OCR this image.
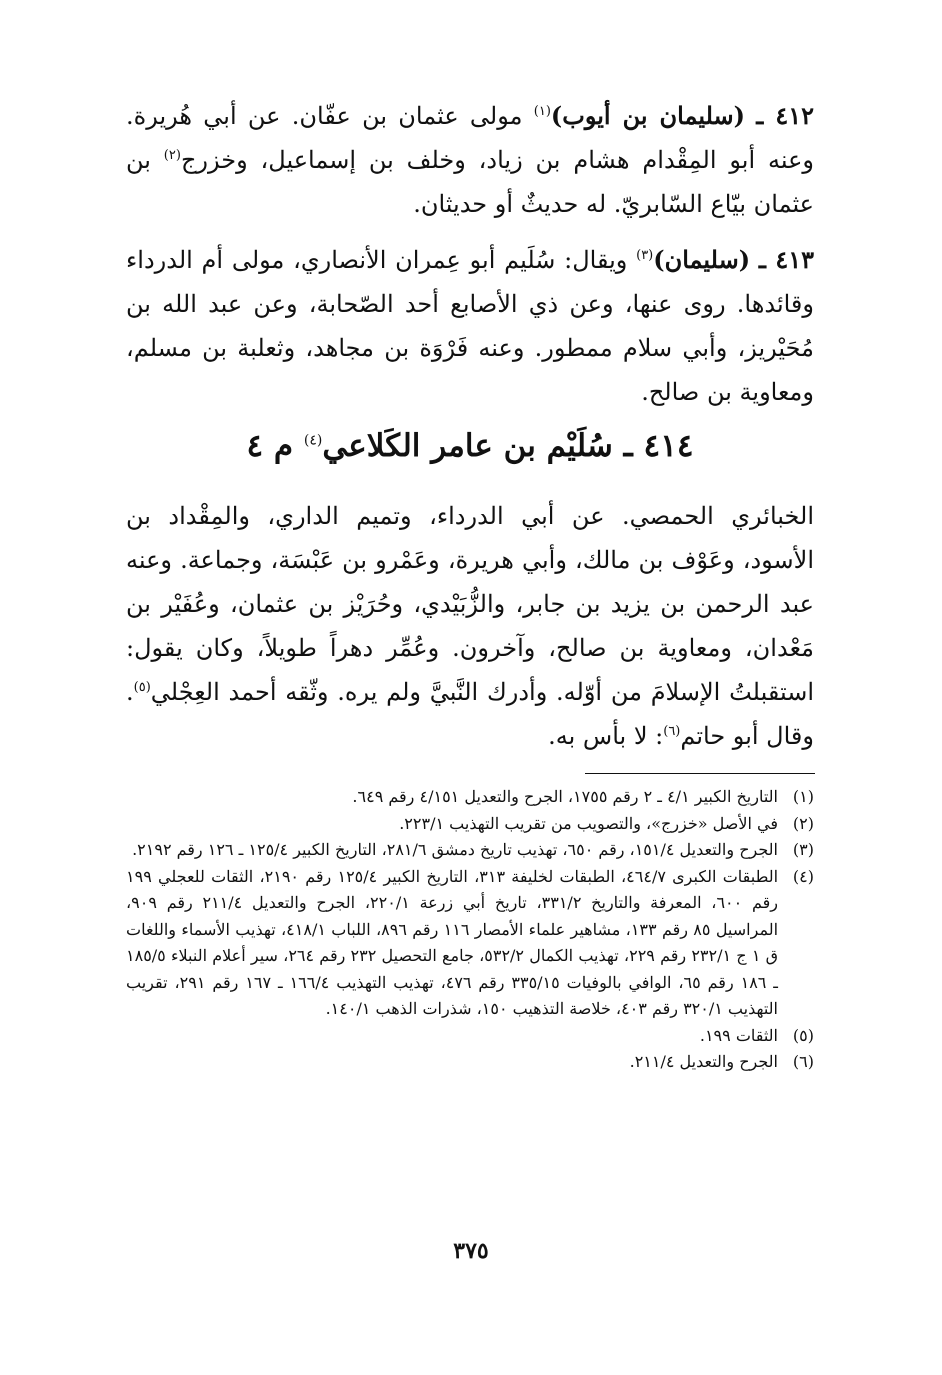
٤١٢ ـ (سليمان بن أيوب)$^{(١)}$ مولى عثمان بن عفّان. عن أبي هُريرة. وعنه أبو المِقْدام هشام بن زياد، وخلف بن إسماعيل، وخزرج$^{(٢)}$ بن عثمان بيّاع السّابريّ. له حديثٌ أو حديثان.

٤١٣ ـ (سليمان)$^{(٣)}$ ويقال: سُلَيم أبو عِمران الأنصاري، مولى أم الدرداء وقائدها. روى عنها، وعن ذي الأصابع أحد الصّحابة، وعن عبد الله بن مُحَيْريز، وأبي سلام ممطور. وعنه فَرْوَة بن مجاهد، وثعلبة بن مسلم، ومعاوية بن صالح.

٤١٤ ـ سُلَيْم بن عامر الكَلاعي$^{(٤)}$ م ٤

الخبائري الحمصي. عن أبي الدرداء، وتميم الداري، والمِقْداد بن الأسود، وعَوْف بن مالك، وأبي هريرة، وعَمْرو بن عَبْسَة، وجماعة. وعنه عبد الرحمن بن يزيد بن جابر، والزُّبَيْدي، وحُرَيْز بن عثمان، وعُفَيْر بن مَعْدان، ومعاوية بن صالح، وآخرون. وعُمِّر دهراً طويلاً، وكان يقول: استقبلتُ الإسلامَ من أوّله. وأدرك النَّبيَّ ولم يره. وثّقه أحمد العِجْلي$^{(٥)}$. وقال أبو حاتم$^{(٦)}$: لا بأس به.

(١)
التاريخ الكبير ٤/١ ـ ٢ رقم ١٧٥٥، الجرح والتعديل ٤/١٥١ رقم ٦٤٩.
(٢)
في الأصل «خزرج»، والتصويب من تقريب التهذيب ٢٢٣/١.
(٣)
الجرح والتعديل ١٥١/٤، رقم ٦٥٠، تهذيب تاريخ دمشق ٢٨١/٦، التاريخ الكبير ١٢٥/٤ ـ ١٢٦ رقم ٢١٩٢.
(٤)
الطبقات الكبرى ٤٦٤/٧، الطبقات لخليفة ٣١٣، التاريخ الكبير ١٢٥/٤ رقم ٢١٩٠، الثقات للعجلي ١٩٩ رقم ٦٠٠، المعرفة والتاريخ ٣٣١/٢، تاريخ أبي زرعة ٢٢٠/١، الجرح والتعديل ٢١١/٤ رقم ٩٠٩، المراسيل ٨٥ رقم ١٣٣، مشاهير علماء الأمصار ١١٦ رقم ٨٩٦، اللباب ٤١٨/١، تهذيب الأسماء واللغات ق ١ ج ٢٣٢/١ رقم ٢٢٩، تهذيب الكمال ٥٣٢/٢، جامع التحصيل ٢٣٢ رقم ٢٦٤، سير أعلام النبلاء ١٨٥/٥ ـ ١٨٦ رقم ٦٥، الوافي بالوفيات ٣٣٥/١٥ رقم ٤٧٦، تهذيب التهذيب ١٦٦/٤ ـ ١٦٧ رقم ٢٩١، تقريب التهذيب ٣٢٠/١ رقم ٤٠٣، خلاصة التذهيب ١٥٠، شذرات الذهب ١٤٠/١.
(٥)
الثقات ١٩٩.
(٦)
الجرح والتعديل ٢١١/٤.
٣٧٥
